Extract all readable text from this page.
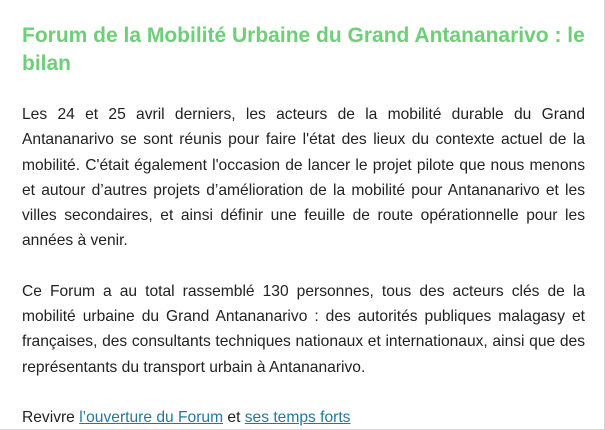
Forum de la Mobilité Urbaine du Grand Antananarivo : le bilan

Les 24 et 25 avril derniers, les acteurs de la mobilité durable du Grand Antananarivo se sont réunis pour faire l'état des lieux du contexte actuel de la mobilité. C'était également l'occasion de lancer le projet pilote que nous menons et autour d’autres projets d’amélioration de la mobilité pour Antananarivo et les villes secondaires, et ainsi définir une feuille de route opérationnelle pour les années à venir.

Ce Forum a au total rassemblé 130 personnes, tous des acteurs clés de la mobilité urbaine du Grand Antananarivo : des autorités publiques malagasy et françaises, des consultants techniques nationaux et internationaux, ainsi que des représentants du transport urbain à Antananarivo.

Revivre l’ouverture du Forum et ses temps forts
